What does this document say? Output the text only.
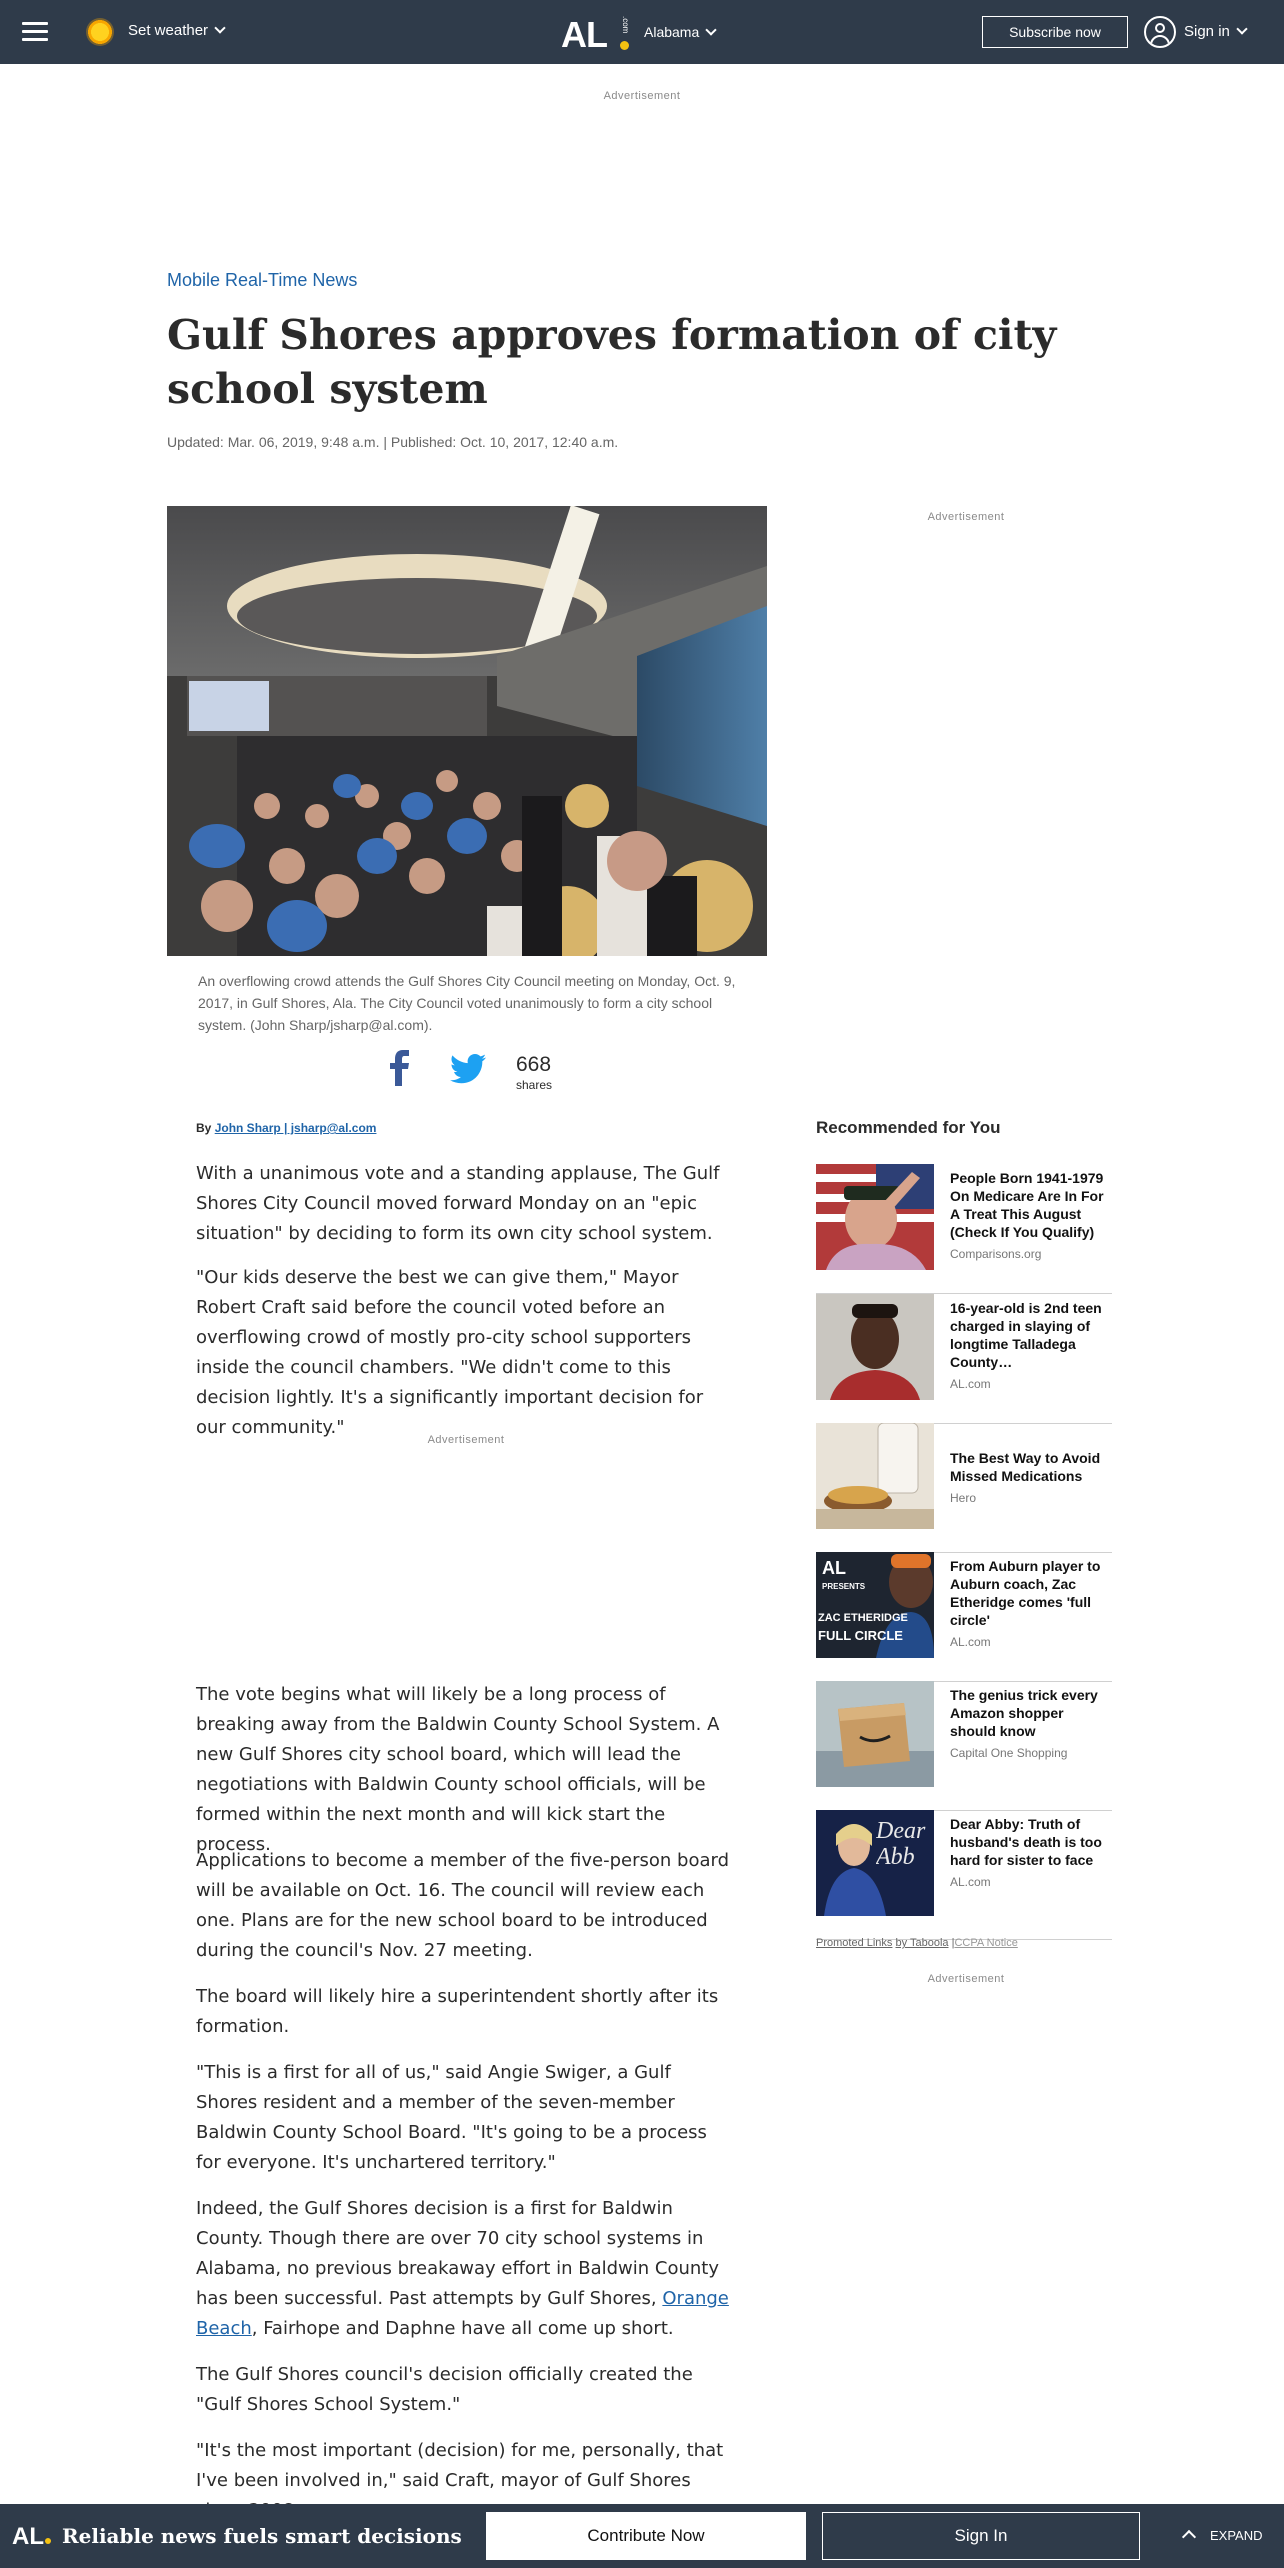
Set weather	AL .com Alabama	Subscribe now	Sign in
Advertisement
Mobile Real-Time News
Gulf Shores approves formation of city school system
Updated: Mar. 06, 2019, 9:48 a.m. | Published: Oct. 10, 2017, 12:40 a.m.
An overflowing crowd attends the Gulf Shores City Council meeting on Monday, Oct. 9, 2017, in Gulf Shores, Ala. The City Council voted unanimously to form a city school system. (John Sharp/jsharp@al.com).
668
shares
By John Sharp | jsharp@al.com

With a unanimous vote and a standing applause, The Gulf Shores City Council moved forward Monday on an "epic situation" by deciding to form its own city school system.

"Our kids deserve the best we can give them," Mayor Robert Craft said before the council voted before an overflowing crowd of mostly pro-city school supporters inside the council chambers. "We didn't come to this decision lightly. It's a significantly important decision for our community."

Advertisement

The vote begins what will likely be a long process of breaking away from the Baldwin County School System. A new Gulf Shores city school board, which will lead the negotiations with Baldwin County school officials, will be formed within the next month and will kick start the process.

Applications to become a member of the five-person board will be available on Oct. 16. The council will review each one. Plans are for the new school board to be introduced during the council's Nov. 27 meeting.

The board will likely hire a superintendent shortly after its formation.

"This is a first for all of us," said Angie Swiger, a Gulf Shores resident and a member of the seven-member Baldwin County School Board. "It's going to be a process for everyone. It's unchartered territory."

Indeed, the Gulf Shores decision is a first for Baldwin County. Though there are over 70 city school systems in Alabama, no previous breakaway effort in Baldwin County has been successful. Past attempts by Gulf Shores, Orange Beach, Fairhope and Daphne have all come up short.

The Gulf Shores council's decision officially created the "Gulf Shores School System."

"It's the most important (decision) for me, personally, that I've been involved in," said Craft, mayor of Gulf Shores

Advertisement
Recommended for You
People Born 1941-1979 On Medicare Are In For A Treat This August (Check If You Qualify)
Comparisons.org
16-year-old is 2nd teen charged in slaying of longtime Talladega County…
AL.com
The Best Way to Avoid Missed Medications
Hero
AL
PRESENTS
ZAC ETHERIDGE
FULL CIRCLE
From Auburn player to Auburn coach, Zac Etheridge comes 'full circle'
AL.com
The genius trick every Amazon shopper should know
Capital One Shopping
Dear Abb
Dear Abby: Truth of husband's death is too hard for sister to face
AL.com
Promoted Links by Taboola |CCPA Notice
Advertisement
AL Reliable news fuels smart decisions	Contribute Now	Sign In	EXPAND
